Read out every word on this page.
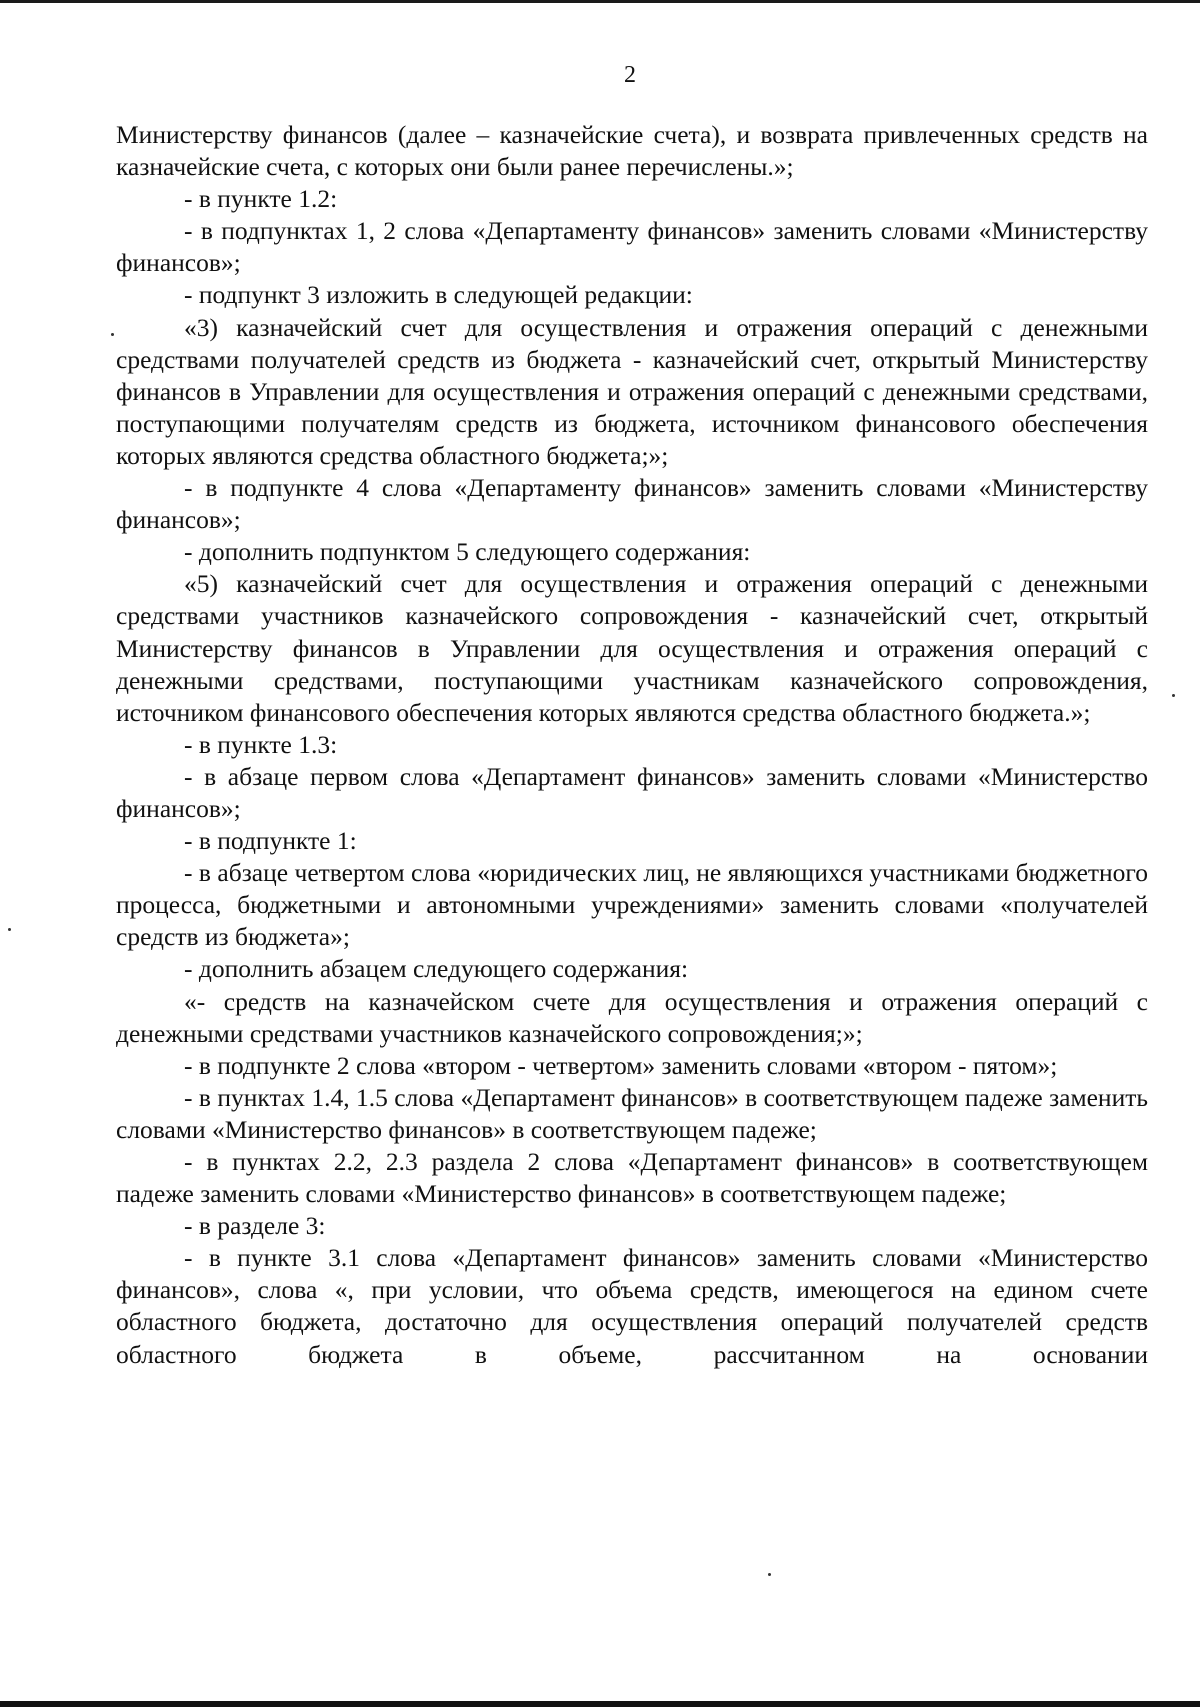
2

Министерству финансов (далее – казначейские счета), и возврата привлеченных средств на казначейские счета, с которых они были ранее перечислены.»;

- в пункте 1.2:

- в подпунктах 1, 2 слова «Департаменту финансов» заменить словами «Министерству финансов»;

- подпункт 3 изложить в следующей редакции:

«3) казначейский счет для осуществления и отражения операций с денежными средствами получателей средств из бюджета - казначейский счет, открытый Министерству финансов в Управлении для осуществления и отражения операций с денежными средствами, поступающими получателям средств из бюджета, источником финансового обеспечения которых являются средства областного бюджета;»;

- в подпункте 4 слова «Департаменту финансов» заменить словами «Министерству финансов»;

- дополнить подпунктом 5 следующего содержания:

«5) казначейский счет для осуществления и отражения операций с денежными средствами участников казначейского сопровождения - казначейский счет, открытый Министерству финансов в Управлении для осуществления и отражения операций с денежными средствами, поступающими участникам казначейского сопровождения, источником финансового обеспечения которых являются средства областного бюджета.»;

- в пункте 1.3:

- в абзаце первом слова «Департамент финансов» заменить словами «Министерство финансов»;

- в подпункте 1:

- в абзаце четвертом слова «юридических лиц, не являющихся участниками бюджетного процесса, бюджетными и автономными учреждениями» заменить словами «получателей средств из бюджета»;

- дополнить абзацем следующего содержания:

«- средств на казначейском счете для осуществления и отражения операций с денежными средствами участников казначейского сопровождения;»;

- в подпункте 2 слова «втором - четвертом» заменить словами «втором - пятом»;

- в пунктах 1.4, 1.5 слова «Департамент финансов» в соответствующем падеже заменить словами «Министерство финансов» в соответствующем падеже;

- в пунктах 2.2, 2.3 раздела 2 слова «Департамент финансов» в соответствующем падеже заменить словами «Министерство финансов» в соответствующем падеже;

- в разделе 3:

- в пункте 3.1 слова «Департамент финансов» заменить словами «Министерство финансов», слова «, при условии, что объема средств, имеющегося на едином счете областного бюджета, достаточно для осуществления операций получателей средств областного бюджета в объеме, рассчитанном на основании
